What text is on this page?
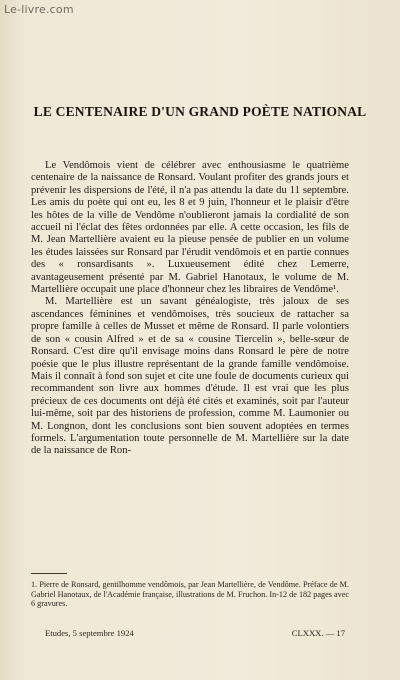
Le-livre.com
LE CENTENAIRE D'UN GRAND POÈTE NATIONAL

Le Vendômois vient de célébrer avec enthousiasme le quatrième centenaire de la naissance de Ronsard. Voulant profiter des grands jours et prévenir les dispersions de l'été, il n'a pas attendu la date du 11 septembre. Les amis du poète qui ont eu, les 8 et 9 juin, l'honneur et le plaisir d'être les hôtes de la ville de Vendôme n'oublieront jamais la cordialité de son accueil ni l'éclat des fêtes ordonnées par elle. A cette occasion, les fils de M. Jean Martellière avaient eu la pieuse pensée de publier en un volume les études laissées sur Ronsard par l'érudit vendômois et en partie connues des « ronsardisants ». Luxueusement édité chez Lemerre, avantageusement présenté par M. Gabriel Hanotaux, le volume de M. Martellière occupait une place d'honneur chez les libraires de Vendôme¹.

M. Martellière est un savant généalogiste, très jaloux de ses ascendances féminines et vendômoises, très soucieux de rattacher sa propre famille à celles de Musset et même de Ronsard. Il parle volontiers de son « cousin Alfred » et de sa « cousine Tiercelin », belle-sœur de Ronsard. C'est dire qu'il envisage moins dans Ronsard le père de notre poésie que le plus illustre représentant de la grande famille vendômoise. Mais il connaît à fond son sujet et cite une foule de documents curieux qui recommandent son livre aux hommes d'étude. Il est vrai que les plus précieux de ces documents ont déjà été cités et examinés, soit par l'auteur lui-même, soit par des historiens de profession, comme M. Laumonier ou M. Longnon, dont les conclusions sont bien souvent adoptées en termes formels. L'argumentation toute personnelle de M. Martellière sur la date de la naissance de Ron-

1. Pierre de Ronsard, gentilhomme vendômois, par Jean Martellière, de Vendôme. Préface de M. Gabriel Hanotaux, de l'Académie française, illustrations de M. Fruchon. In-12 de 182 pages avec 6 gravures.
Etudes, 5 septembre 1924	CLXXX. — 17
